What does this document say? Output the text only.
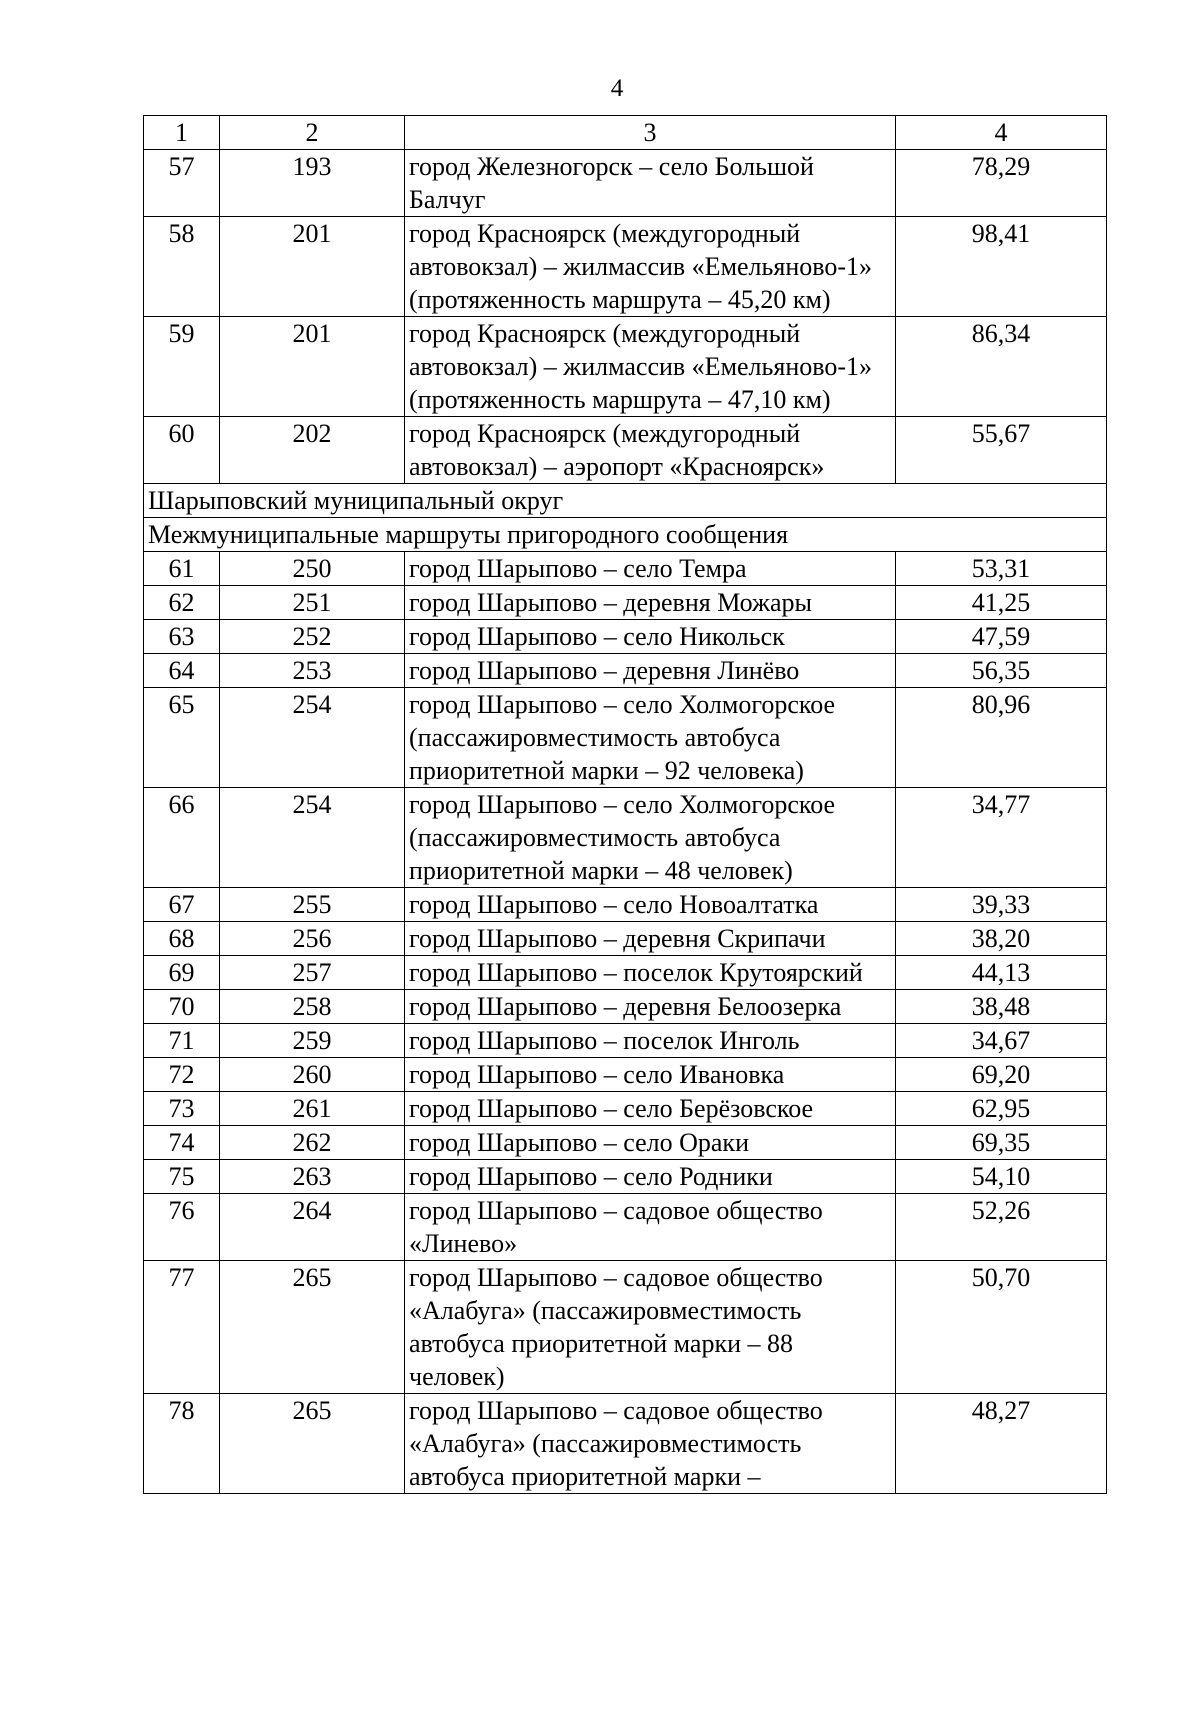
4
1	2	3	4
57	193	город Железногорск – село Большой Балчуг	78,29
58	201	город Красноярск (междугородный автовокзал) – жилмассив «Емельяново-1» (протяженность маршрута – 45,20 км)	98,41
59	201	город Красноярск (междугородный автовокзал) – жилмассив «Емельяново-1» (протяженность маршрута – 47,10 км)	86,34
60	202	город Красноярск (междугородный автовокзал) – аэропорт «Красноярск»	55,67
Шарыповский муниципальный округ			
Межмуниципальные маршруты пригородного сообщения			
61	250	город Шарыпово – село Темра	53,31
62	251	город Шарыпово – деревня Можары	41,25
63	252	город Шарыпово – село Никольск	47,59
64	253	город Шарыпово – деревня Линёво	56,35
65	254	город Шарыпово – село Холмогорское (пассажировместимость автобуса приоритетной марки – 92 человека)	80,96
66	254	город Шарыпово – село Холмогорское (пассажировместимость автобуса приоритетной марки – 48 человек)	34,77
67	255	город Шарыпово – село Новоалтатка	39,33
68	256	город Шарыпово – деревня Скрипачи	38,20
69	257	город Шарыпово – поселок Крутоярский	44,13
70	258	город Шарыпово – деревня Белоозерка	38,48
71	259	город Шарыпово – поселок Инголь	34,67
72	260	город Шарыпово – село Ивановка	69,20
73	261	город Шарыпово – село Берёзовское	62,95
74	262	город Шарыпово – село Ораки	69,35
75	263	город Шарыпово – село Родники	54,10
76	264	город Шарыпово – садовое общество «Линево»	52,26
77	265	город Шарыпово – садовое общество «Алабуга» (пассажировместимость автобуса приоритетной марки – 88 человек)	50,70
78	265	город Шарыпово – садовое общество «Алабуга» (пассажировместимость автобуса приоритетной марки –	48,27
